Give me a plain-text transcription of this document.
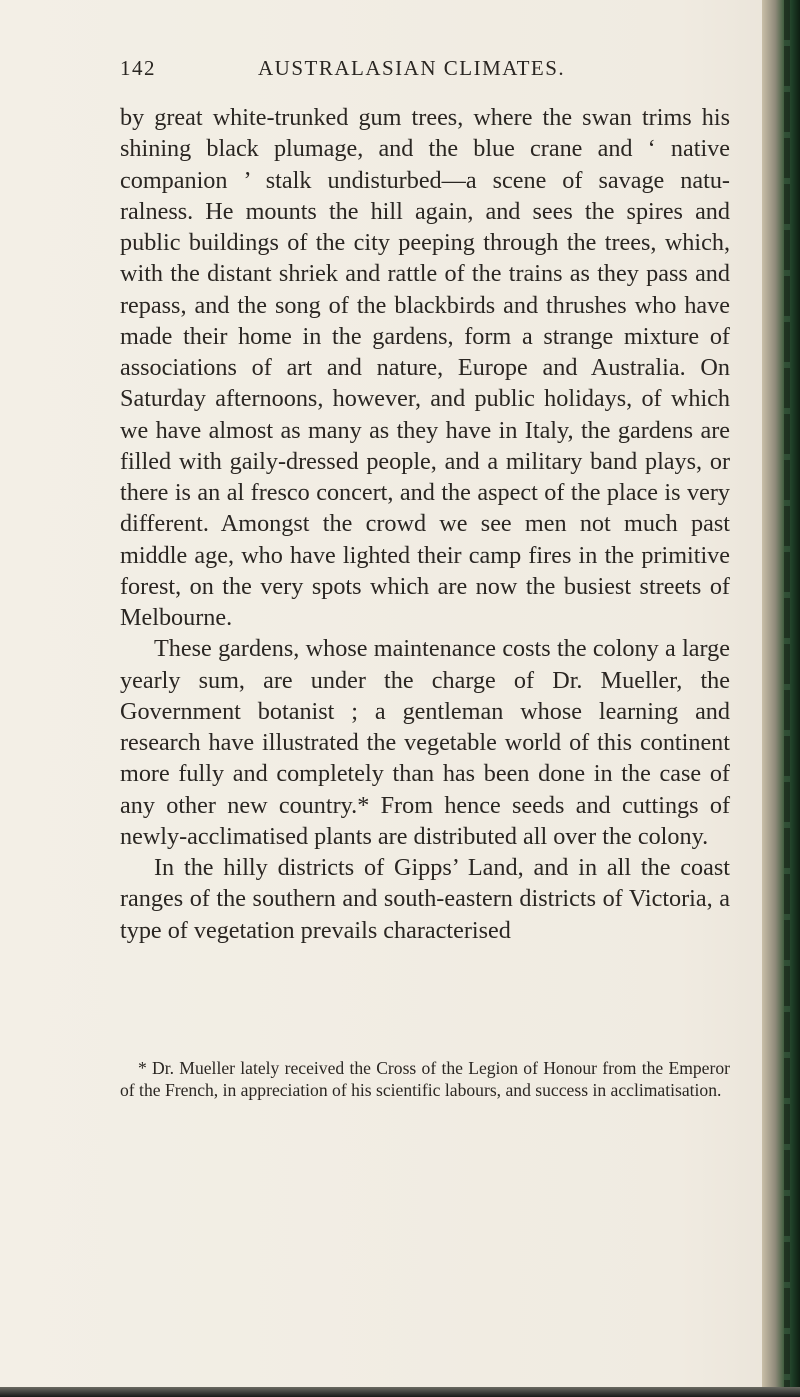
142	AUSTRALASIAN CLIMATES.

by great white-trunked gum trees, where the swan trims his shining black plumage, and the blue crane and ‘ native companion ’ stalk undisturbed—a scene of savage natu-ralness. He mounts the hill again, and sees the spires and public buildings of the city peeping through the trees, which, with the distant shriek and rattle of the trains as they pass and repass, and the song of the blackbirds and thrushes who have made their home in the gardens, form a strange mixture of associations of art and nature, Europe and Australia. On Saturday afternoons, however, and public holidays, of which we have almost as many as they have in Italy, the gardens are filled with gaily-dressed people, and a military band plays, or there is an al fresco concert, and the aspect of the place is very different. Amongst the crowd we see men not much past middle age, who have lighted their camp fires in the primitive forest, on the very spots which are now the busiest streets of Melbourne.

These gardens, whose maintenance costs the colony a large yearly sum, are under the charge of Dr. Mueller, the Government botanist ; a gentleman whose learning and research have illustrated the vegetable world of this continent more fully and completely than has been done in the case of any other new country.* From hence seeds and cuttings of newly-acclimatised plants are distributed all over the colony.

In the hilly districts of Gipps’ Land, and in all the coast ranges of the southern and south-eastern districts of Victoria, a type of vegetation prevails characterised

* Dr. Mueller lately received the Cross of the Legion of Honour from the Emperor of the French, in appreciation of his scientific labours, and success in acclimatisation.
